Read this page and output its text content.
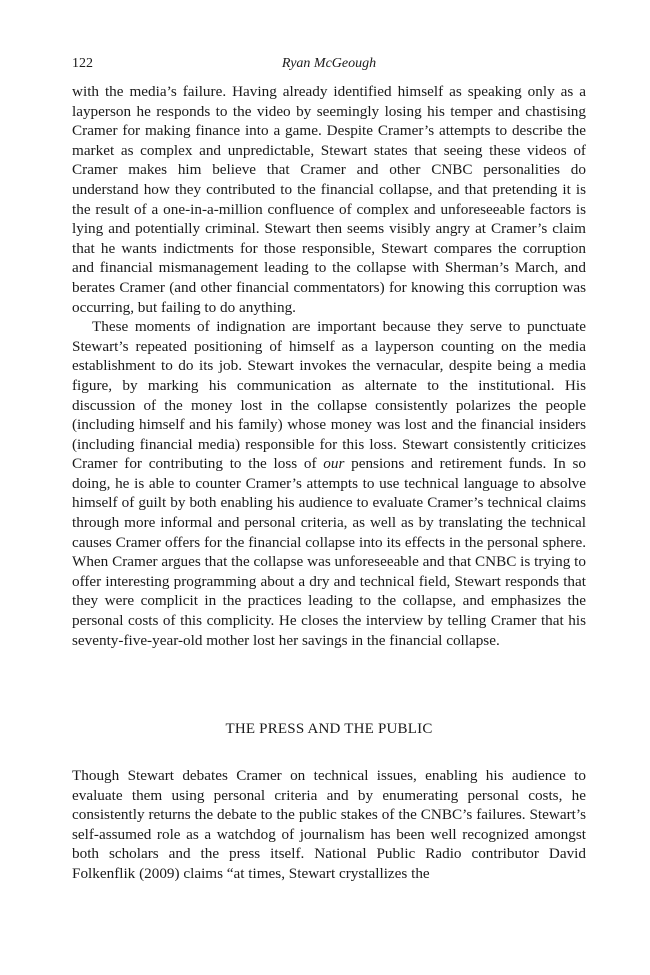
122	Ryan McGeough

with the media’s failure. Having already identified himself as speaking only as a layperson he responds to the video by seemingly losing his temper and chastising Cramer for making finance into a game. Despite Cramer’s attempts to describe the market as complex and unpredictable, Stewart states that seeing these videos of Cramer makes him believe that Cramer and other CNBC personalities do understand how they contributed to the financial collapse, and that pretending it is the result of a one-in-a-million confluence of complex and unforeseeable factors is lying and potentially criminal. Stewart then seems visibly angry at Cramer’s claim that he wants indictments for those responsible, Stewart compares the corruption and financial mismanagement leading to the collapse with Sherman’s March, and berates Cramer (and other financial commentators) for knowing this corruption was occurring, but failing to do anything.

These moments of indignation are important because they serve to punctuate Stewart’s repeated positioning of himself as a layperson counting on the media establishment to do its job. Stewart invokes the vernacular, despite being a media figure, by marking his communication as alternate to the institutional. His discussion of the money lost in the collapse consistently polarizes the people (including himself and his family) whose money was lost and the financial insiders (including financial media) responsible for this loss. Stewart consistently criticizes Cramer for contributing to the loss of our pensions and retirement funds. In so doing, he is able to counter Cramer’s attempts to use technical language to absolve himself of guilt by both enabling his audience to evaluate Cramer’s technical claims through more informal and personal criteria, as well as by translating the technical causes Cramer offers for the financial collapse into its effects in the personal sphere. When Cramer argues that the collapse was unforeseeable and that CNBC is trying to offer interesting programming about a dry and technical field, Stewart responds that they were complicit in the practices leading to the collapse, and emphasizes the personal costs of this complicity. He closes the interview by telling Cramer that his seventy-five-year-old mother lost her savings in the financial collapse.

THE PRESS AND THE PUBLIC

Though Stewart debates Cramer on technical issues, enabling his audience to evaluate them using personal criteria and by enumerating personal costs, he consistently returns the debate to the public stakes of the CNBC’s failures. Stewart’s self-assumed role as a watchdog of journalism has been well recognized amongst both scholars and the press itself. National Public Radio contributor David Folkenflik (2009) claims “at times, Stewart crystallizes the
